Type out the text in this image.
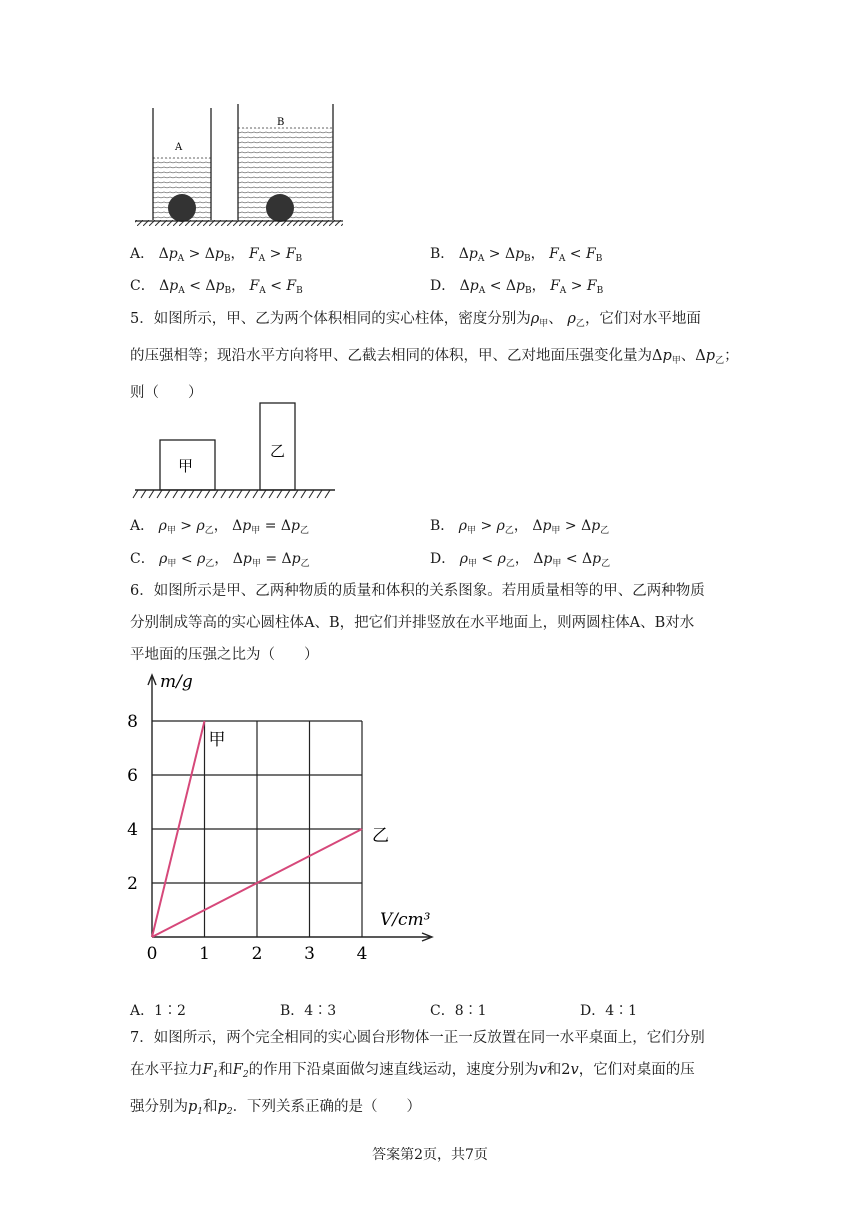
A
B
A． $\Delta p_A > \Delta p_B$， $F_A > F_B$	B． $\Delta p_A > \Delta p_B$， $F_A < F_B$
C． $\Delta p_A < \Delta p_B$， $F_A < F_B$	D． $\Delta p_A < \Delta p_B$， $F_A > F_B$
5．如图所示，甲、乙为两个体积相同的实心柱体，密度分别为$\rho_甲$、 $\rho_乙$，它们对水平地面
的压强相等；现沿水平方向将甲、乙截去相同的体积，甲、乙对地面压强变化量为$\Delta p_甲$、$\Delta p_乙$；
则（　　）
甲
乙
A． $\rho_甲 > \rho_乙$， $\Delta p_甲 = \Delta p_乙$	B． $\rho_甲 > \rho_乙$， $\Delta p_甲 > \Delta p_乙$
C． $\rho_甲 < \rho_乙$， $\Delta p_甲 = \Delta p_乙$	D． $\rho_甲 < \rho_乙$， $\Delta p_甲 < \Delta p_乙$
6．如图所示是甲、乙两种物质的质量和体积的关系图象。若用质量相等的甲、乙两种物质
分别制成等高的实心圆柱体A、B，把它们并排竖放在水平地面上，则两圆柱体A、B对水
平地面的压强之比为（　　）
0 1 2 3 4
2
4
6
8
m/g
V/cm³
甲
乙
A．1∶2	B．4∶3	C．8∶1	D．4∶1
7．如图所示，两个完全相同的实心圆台形物体一正一反放置在同一水平桌面上，它们分别
在水平拉力$F_1$和$F_2$的作用下沿桌面做匀速直线运动，速度分别为v和2v，它们对桌面的压
强分别为$p_1$和$p_2$．下列关系正确的是（　　）
答案第2页，共7页
